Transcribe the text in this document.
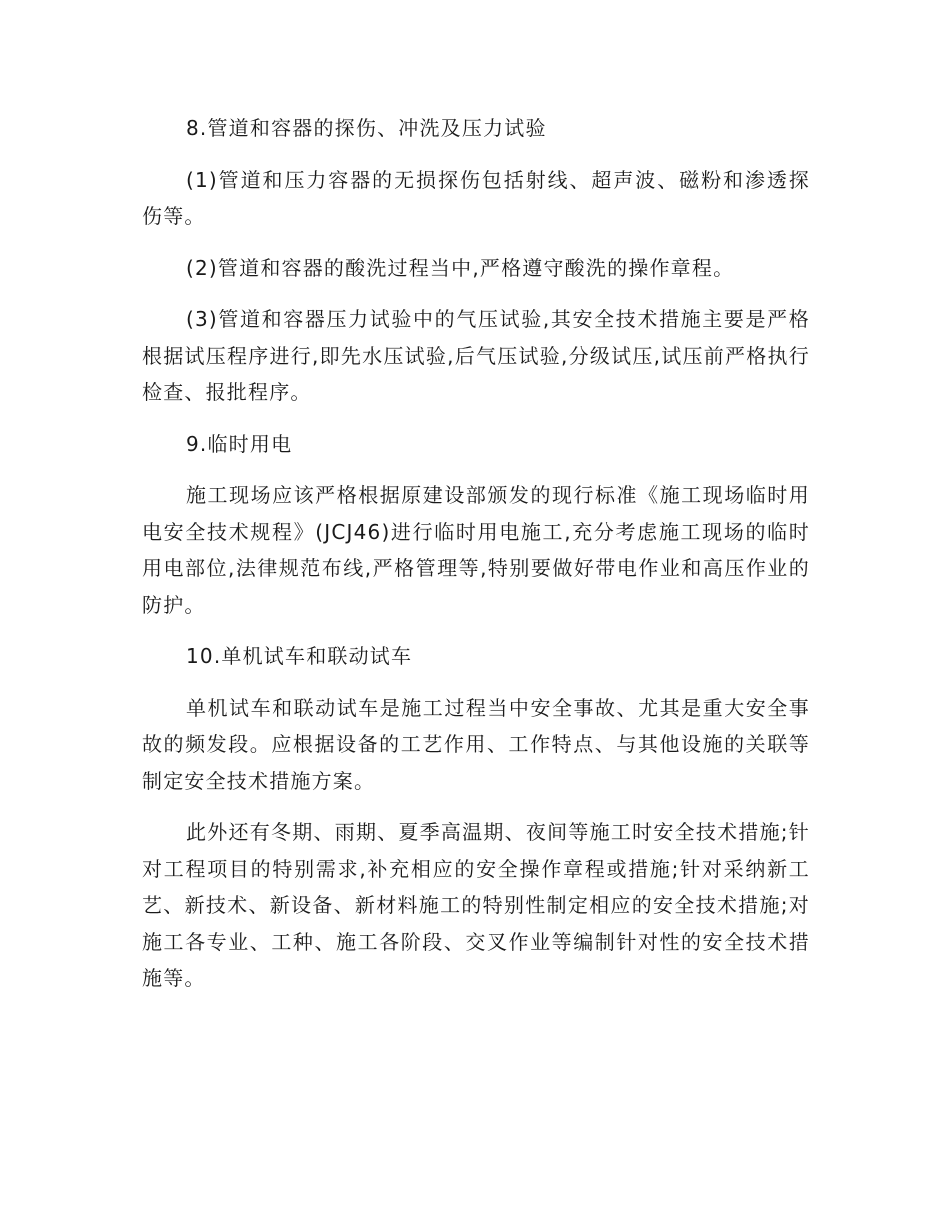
8.管道和容器的探伤、冲洗及压力试验

(1)管道和压力容器的无损探伤包括射线、超声波、磁粉和渗透探伤等。

(2)管道和容器的酸洗过程当中,严格遵守酸洗的操作章程。

(3)管道和容器压力试验中的气压试验,其安全技术措施主要是严格根据试压程序进行,即先水压试验,后气压试验,分级试压,试压前严格执行检查、报批程序。

9.临时用电

施工现场应该严格根据原建设部颁发的现行标准《施工现场临时用电安全技术规程》(JCJ46)进行临时用电施工,充分考虑施工现场的临时用电部位,法律规范布线,严格管理等,特别要做好带电作业和高压作业的防护。

10.单机试车和联动试车

单机试车和联动试车是施工过程当中安全事故、尤其是重大安全事故的频发段。应根据设备的工艺作用、工作特点、与其他设施的关联等制定安全技术措施方案。

此外还有冬期、雨期、夏季高温期、夜间等施工时安全技术措施;针对工程项目的特别需求,补充相应的安全操作章程或措施;针对采纳新工艺、新技术、新设备、新材料施工的特别性制定相应的安全技术措施;对施工各专业、工种、施工各阶段、交叉作业等编制针对性的安全技术措施等。
